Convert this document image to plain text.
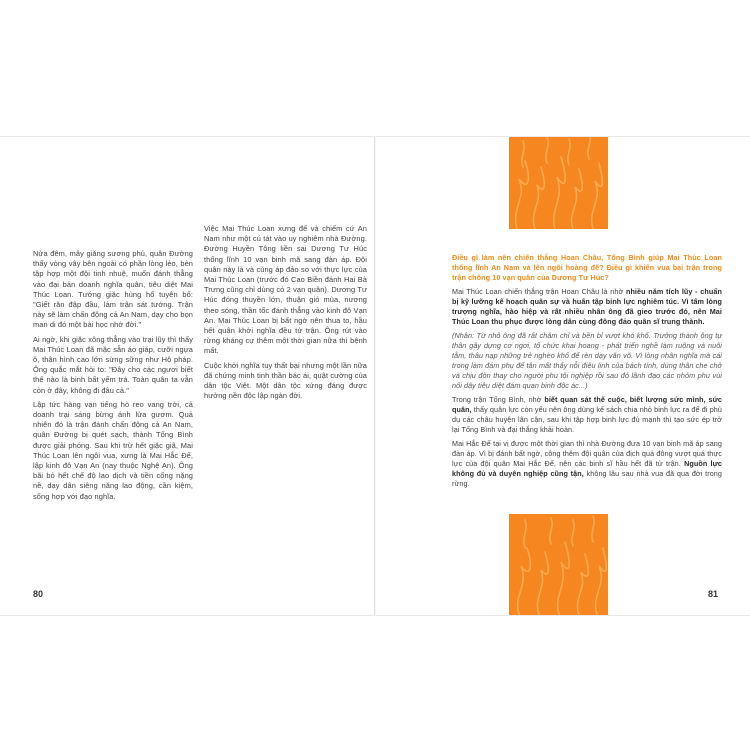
Nửa đêm, mây giăng sương phủ, quân Đường thấy vòng vây bên ngoài có phần lỏng lẻo, bèn tập hợp một đội tinh nhuệ, muốn đánh thẳng vào đại bản doanh nghĩa quân, tiêu diệt Mai Thúc Loan. Tướng giặc hùng hổ tuyên bố: "Giết răn đập đầu, làm trận sát tướng. Trận này sẽ làm chấn động cả An Nam, dạy cho bọn man di đó một bài học nhớ đời."

Ai ngờ, khi giặc xông thẳng vào trại lũy thì thấy Mai Thúc Loan đã mặc sẵn áo giáp, cưỡi ngựa ô, thân hình cao lớn sừng sững như Hộ pháp. Ông quắc mắt hỏi to: "Đây cho các ngươi biết thế nào là binh bất yếm trá. Toàn quân ta vẫn còn ở đây, không đi đâu cả."

Lập tức hàng vạn tiếng hò reo vang trời, cả doanh trại sáng bừng ánh lửa gươm. Quả nhiên đó là trận đánh chấn động cả An Nam, quân Đường bị quét sạch, thành Tống Bình được giải phóng. Sau khi trừ hết giặc giã, Mai Thúc Loan lên ngôi vua, xưng là Mai Hắc Đế, lập kinh đô Vạn An (nay thuộc Nghệ An). Ông bãi bỏ hết chế độ lao dịch và tiền cống nặng nề, dạy dân siêng năng lao động, cần kiệm, sống hợp với đạo nghĩa.

Việc Mai Thúc Loan xưng đế và chiếm cứ An Nam như một cú tát vào uy nghiêm nhà Đường. Đường Huyền Tông liền sai Dương Tư Húc thống lĩnh 10 vạn binh mã sang đàn áp. Đội quân này là và cùng áp đảo so với thực lực của Mai Thúc Loan (trước đó Cao Biền đánh Hai Bà Trưng cũng chỉ dùng có 2 vạn quân). Dương Tư Húc đóng thuyền lớn, thuận gió mùa, nương theo sóng, thần tốc đánh thẳng vào kinh đô Vạn An. Mai Thúc Loan bị bất ngờ nên thua to, hầu hết quân khởi nghĩa đều tử trận. Ông rút vào rừng kháng cự thêm một thời gian nữa thì bệnh mất.

Cuộc khởi nghĩa tuy thất bại nhưng một lần nữa đã chứng minh tinh thần bác ái, quật cường của dân tộc Việt. Một dân tộc xứng đáng được hưởng nền độc lập ngàn đời.

80

Điều gì làm nên chiến thắng Hoan Châu, Tống Bình giúp Mai Thúc Loan thống lĩnh An Nam và lên ngôi hoàng đế? Điều gì khiến vua bại trận trong trận chống 10 vạn quân của Dương Tư Húc?

Mai Thúc Loan chiến thắng trận Hoan Châu là nhờ nhiều năm tích lũy - chuẩn bị kỹ lưỡng kế hoạch quân sự và huấn tập binh lực nghiêm túc. Vì tấm lòng trượng nghĩa, hào hiệp và rất nhiều nhân ông đã gieo trước đó, nên Mai Thúc Loan thu phục được lòng dân cùng đông đảo quân sĩ trung thành.

(Nhân: Từ nhỏ ông đã rất chăm chỉ và bền bỉ vượt khó khổ. Trưởng thành ông tự thân gây dựng cơ ngơi, tổ chức khai hoang - phát triển nghề làm ruộng và nuôi tằm, thâu nạp những trẻ nghèo khổ để rèn dạy văn võ. Vì lòng nhân nghĩa mà cái trong làm đám phụ để tân mất thấy nỗi điêu linh của bách tính, dùng thân che chở và chịu đòn thay cho người phu tội nghiệp rồi sau đó lãnh đạo các nhóm phu vùi nổi dậy tiêu diệt đám quan binh độc ác...)

Trong trận Tống Bình, nhờ biết quan sát thế cuộc, biết lượng sức mình, sức quân, thấy quân lực còn yếu nên ông dùng kế sách chia nhỏ binh lực ra để đi phủ dụ các châu huyện lân cận, sau khi tập hợp binh lực đủ mạnh thì tạo sức ép trở lại Tống Bình và đại thắng khải hoàn.

Mai Hắc Đế tại vị được một thời gian thì nhà Đường đưa 10 vạn binh mã áp sang đàn áp. Vì bị đánh bất ngờ, công thêm đội quân của địch quá đông vượt quá thực lực của đội quân Mai Hắc Đế, nên các binh sĩ hầu hết đã tử trận. Nguồn lực không đủ và duyên nghiệp cũng tận, không lâu sau nhà vua đã qua đời trong rừng.

81
